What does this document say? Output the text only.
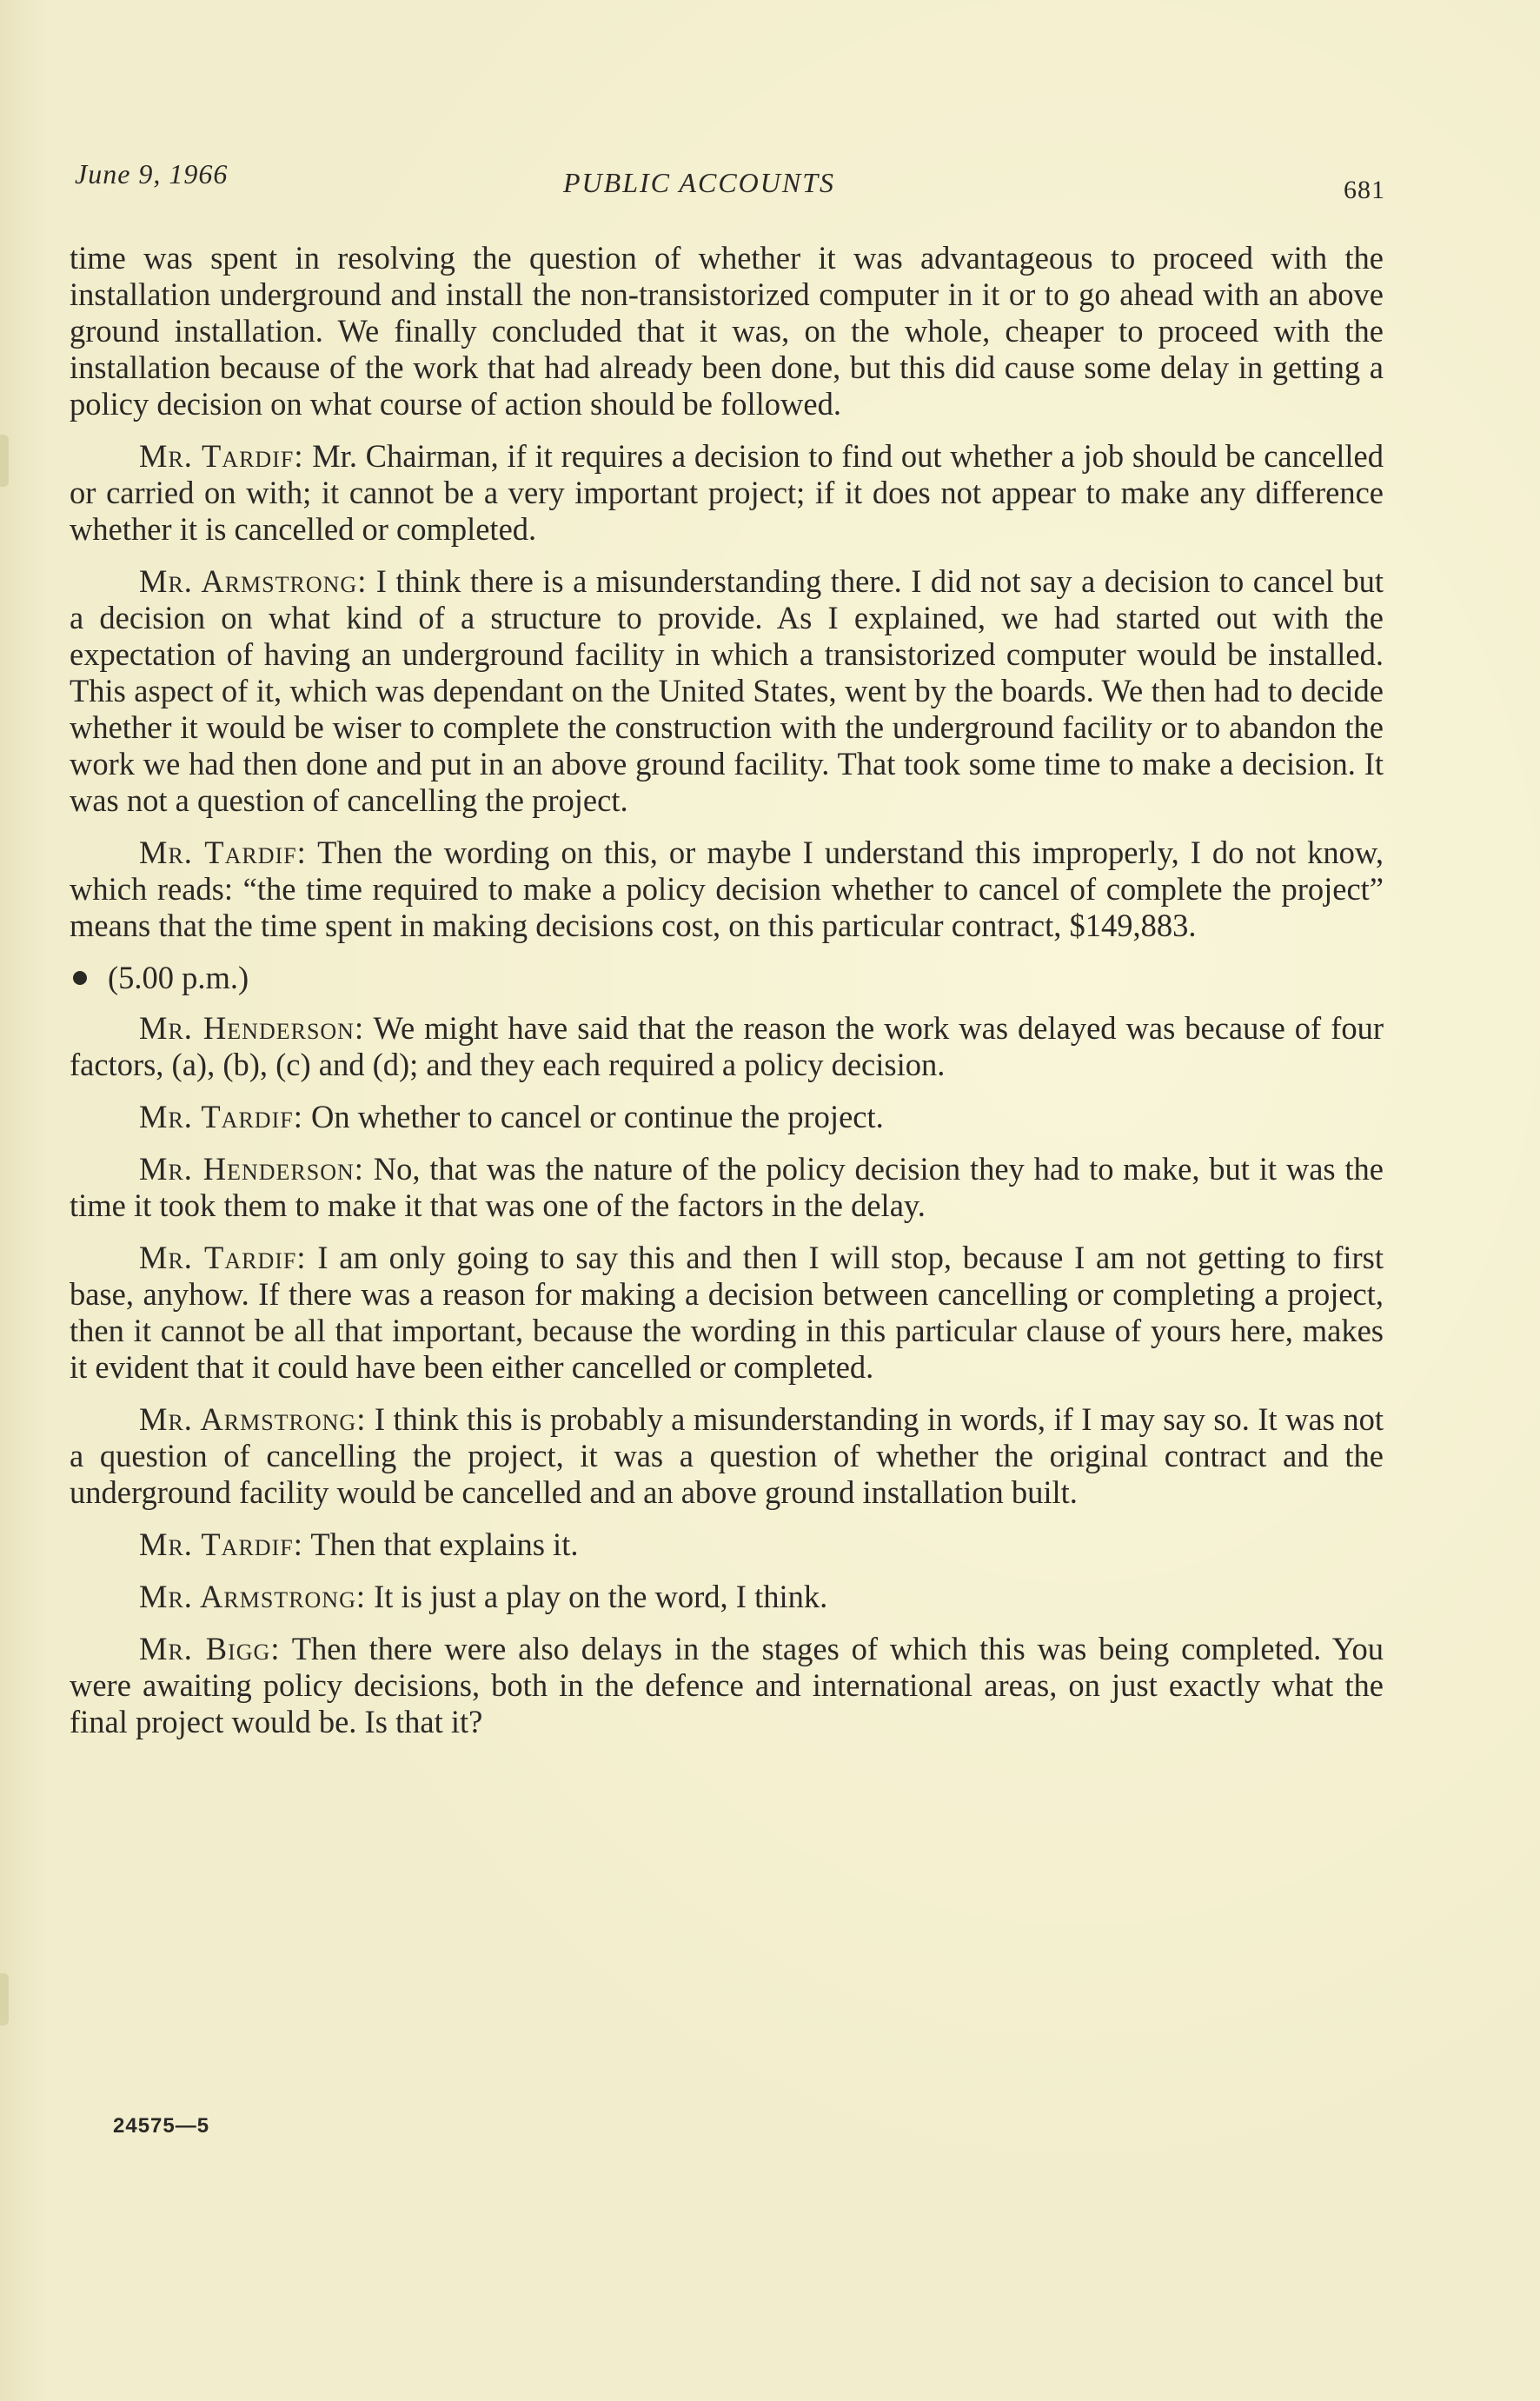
June 9, 1966	PUBLIC ACCOUNTS	681

time was spent in resolving the question of whether it was advantageous to proceed with the installation underground and install the non-transistorized computer in it or to go ahead with an above ground installation. We finally concluded that it was, on the whole, cheaper to proceed with the installation because of the work that had already been done, but this did cause some delay in getting a policy decision on what course of action should be followed.

Mr. Tardif: Mr. Chairman, if it requires a decision to find out whether a job should be cancelled or carried on with; it cannot be a very important project; if it does not appear to make any difference whether it is cancelled or completed.

Mr. Armstrong: I think there is a misunderstanding there. I did not say a decision to cancel but a decision on what kind of a structure to provide. As I explained, we had started out with the expectation of having an underground facility in which a transistorized computer would be installed. This aspect of it, which was dependant on the United States, went by the boards. We then had to decide whether it would be wiser to complete the construction with the underground facility or to abandon the work we had then done and put in an above ground facility. That took some time to make a decision. It was not a question of cancelling the project.

Mr. Tardif: Then the wording on this, or maybe I understand this improperly, I do not know, which reads: “the time required to make a policy decision whether to cancel of complete the project” means that the time spent in making decisions cost, on this particular contract, $149,883.

(5.00 p.m.)

Mr. Henderson: We might have said that the reason the work was delayed was because of four factors, (a), (b), (c) and (d); and they each required a policy decision.

Mr. Tardif: On whether to cancel or continue the project.

Mr. Henderson: No, that was the nature of the policy decision they had to make, but it was the time it took them to make it that was one of the factors in the delay.

Mr. Tardif: I am only going to say this and then I will stop, because I am not getting to first base, anyhow. If there was a reason for making a decision between cancelling or completing a project, then it cannot be all that important, because the wording in this particular clause of yours here, makes it evident that it could have been either cancelled or completed.

Mr. Armstrong: I think this is probably a misunderstanding in words, if I may say so. It was not a question of cancelling the project, it was a question of whether the original contract and the underground facility would be cancelled and an above ground installation built.

Mr. Tardif: Then that explains it.

Mr. Armstrong: It is just a play on the word, I think.

Mr. Bigg: Then there were also delays in the stages of which this was being completed. You were awaiting policy decisions, both in the defence and international areas, on just exactly what the final project would be. Is that it?

24575—5
